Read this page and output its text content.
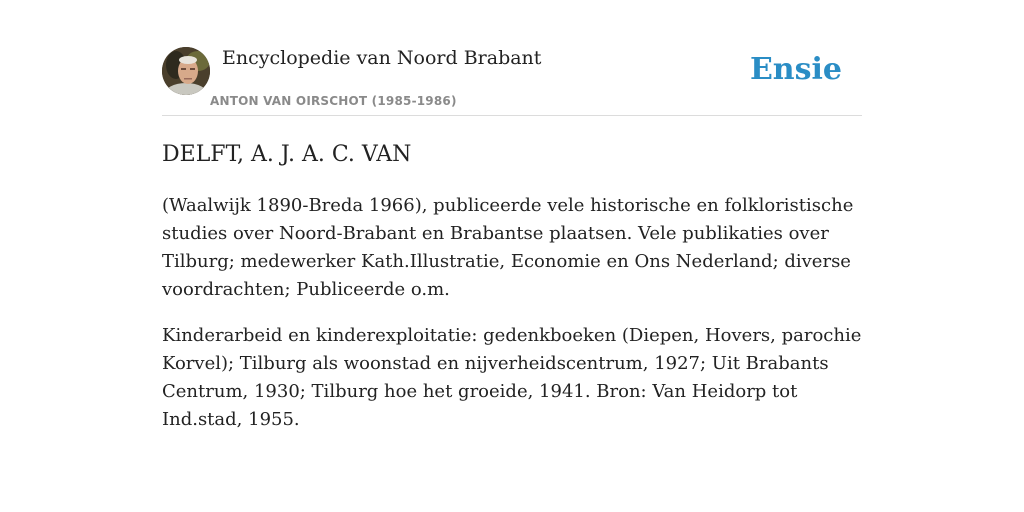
Encyclopedie van Noord Brabant
ANTON VAN OIRSCHOT (1985-1986)
Ensie
DELFT, A. J. A. C. VAN

(Waalwijk 1890-Breda 1966), publiceerde vele historische en folkloristische studies over Noord-Brabant en Brabantse plaatsen. Vele publikaties over Tilburg; medewerker Kath.Illustratie, Economie en Ons Nederland; diverse voordrachten; Publiceerde o.m.

Kinderarbeid en kinderexploitatie: gedenkboeken (Diepen, Hovers, parochie Korvel); Tilburg als woonstad en nijverheidscentrum, 1927; Uit Brabants Centrum, 1930; Tilburg hoe het groeide, 1941. Bron: Van Heidorp tot Ind.stad, 1955.
